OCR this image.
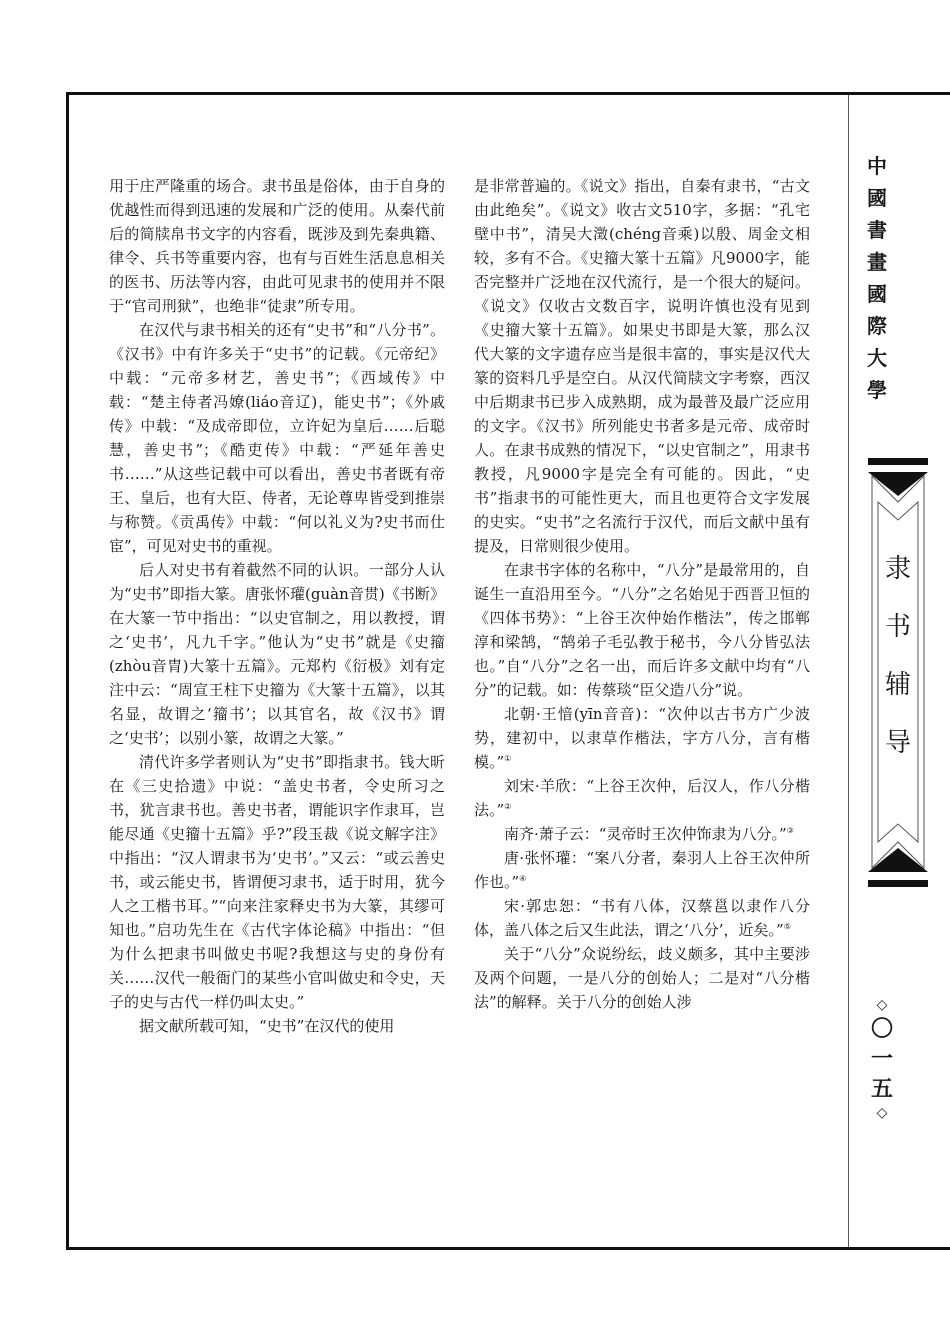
用于庄严隆重的场合。隶书虽是俗体，由于自身的优越性而得到迅速的发展和广泛的使用。从秦代前后的简牍帛书文字的内容看，既涉及到先秦典籍、律令、兵书等重要内容，也有与百姓生活息息相关的医书、历法等内容，由此可见隶书的使用并不限于“官司刑狱”，也绝非“徒隶”所专用。

在汉代与隶书相关的还有“史书”和“八分书”。《汉书》中有许多关于“史书”的记载。《元帝纪》中载：“元帝多材艺，善史书”；《西域传》中载：“楚主侍者冯嫽(liáo音辽)，能史书”；《外戚传》中载：“及成帝即位，立许妃为皇后……后聪慧，善史书”；《酷吏传》中载：“严延年善史书……”从这些记载中可以看出，善史书者既有帝王、皇后，也有大臣、侍者，无论尊卑皆受到推崇与称赞。《贡禹传》中载：“何以礼义为?史书而仕宦”，可见对史书的重视。

后人对史书有着截然不同的认识。一部分人认为“史书”即指大篆。唐张怀瓘(guàn音贯)《书断》在大篆一节中指出：“以史官制之，用以教授，谓之‘史书’，凡九千字。”他认为“史书”就是《史籀(zhòu音胄)大篆十五篇》。元郑杓《衍极》刘有定注中云：“周宣王柱下史籀为《大篆十五篇》，以其名显，故谓之‘籀书’；以其官名，故《汉书》谓之‘史书’；以别小篆，故谓之大篆。”

清代许多学者则认为“史书”即指隶书。钱大昕在《三史拾遗》中说：“盖史书者，令史所习之书，犹言隶书也。善史书者，谓能识字作隶耳，岂能尽通《史籀十五篇》乎?”段玉裁《说文解字注》中指出：“汉人谓隶书为‘史书’。”又云：“或云善史书，或云能史书，皆谓便习隶书，适于时用，犹今人之工楷书耳。”“向来注家释史书为大篆，其缪可知也。”启功先生在《古代字体论稿》中指出：“但为什么把隶书叫做史书呢?我想这与史的身份有关……汉代一般衙门的某些小官叫做史和令史，天子的史与古代一样仍叫太史。”

据文献所载可知，“史书”在汉代的使用

是非常普遍的。《说文》指出，自秦有隶书，“古文由此绝矣”。《说文》收古文510字，多据：“孔宅壁中书”，清吴大澂(chéng音乘)以殷、周金文相较，多有不合。《史籀大篆十五篇》凡9000字，能否完整并广泛地在汉代流行，是一个很大的疑问。《说文》仅收古文数百字，说明许慎也没有见到《史籀大篆十五篇》。如果史书即是大篆，那么汉代大篆的文字遗存应当是很丰富的，事实是汉代大篆的资料几乎是空白。从汉代简牍文字考察，西汉中后期隶书已步入成熟期，成为最普及最广泛应用的文字。《汉书》所列能史书者多是元帝、成帝时人。在隶书成熟的情况下，“以史官制之”，用隶书教授，凡9000字是完全有可能的。因此，“史书”指隶书的可能性更大，而且也更符合文字发展的史实。“史书”之名流行于汉代，而后文献中虽有提及，日常则很少使用。

在隶书字体的名称中，“八分”是最常用的，自诞生一直沿用至今。“八分”之名始见于西晋卫恒的《四体书势》：“上谷王次仲始作楷法”，传之邯郸淳和梁鹄，“鹄弟子毛弘教于秘书，今八分皆弘法也。”自“八分”之名一出，而后许多文献中均有“八分”的记载。如：传蔡琰“臣父造八分”说。

北朝·王愔(yīn音音)：“次仲以古书方广少波势，建初中，以隶草作楷法，字方八分，言有楷模。”①

刘宋·羊欣：“上谷王次仲，后汉人，作八分楷法。”②

南齐·萧子云：“灵帝时王次仲饰隶为八分。”③

唐·张怀瓘：“案八分者，秦羽人上谷王次仲所作也。”④

宋·郭忠恕：“书有八体，汉蔡邕以隶作八分体，盖八体之后又生此法，谓之‘八分’，近矣。”⑤

关于“八分”众说纷纭，歧义颇多，其中主要涉及两个问题，一是八分的创始人；二是对“八分楷法”的解释。关于八分的创始人涉

中
國
書
畫
國
際
大
學
隶
书
辅
导
◇
〇
一
五
◇
